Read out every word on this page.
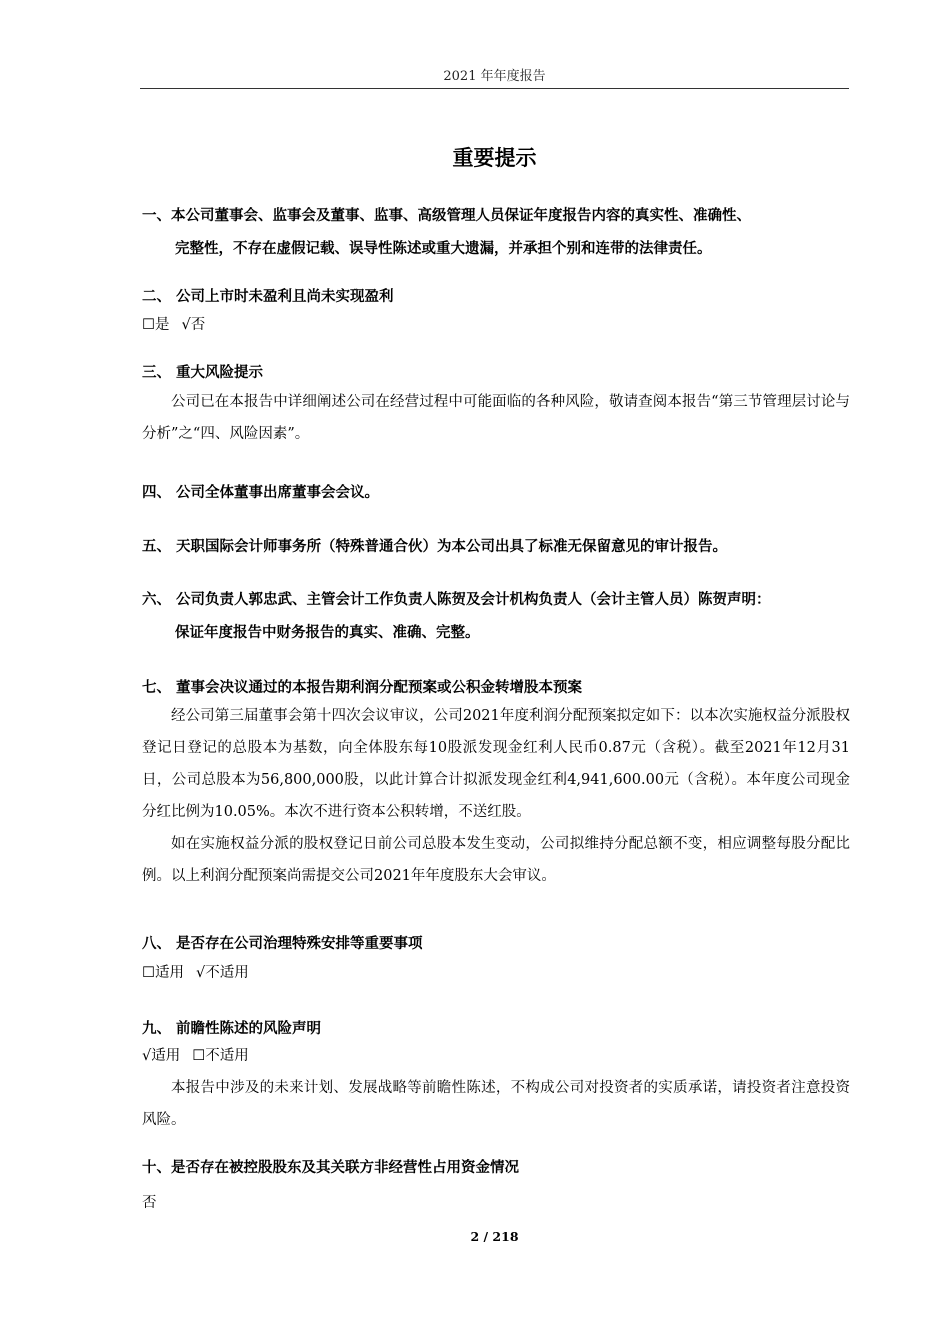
2021 年年度报告
重要提示
一、本公司董事会、监事会及董事、监事、高级管理人员保证年度报告内容的真实性、准确性、
完整性，不存在虚假记载、误导性陈述或重大遗漏，并承担个别和连带的法律责任。
二、 公司上市时未盈利且尚未实现盈利
☐是 √否
三、 重大风险提示

公司已在本报告中详细阐述公司在经营过程中可能面临的各种风险，敬请查阅本报告“第三节管理层讨论与分析”之“四、风险因素”。

四、 公司全体董事出席董事会会议。
五、 天职国际会计师事务所（特殊普通合伙）为本公司出具了标准无保留意见的审计报告。
六、 公司负责人郭忠武、主管会计工作负责人陈贺及会计机构负责人（会计主管人员）陈贺声明：
保证年度报告中财务报告的真实、准确、完整。
七、 董事会决议通过的本报告期利润分配预案或公积金转增股本预案

经公司第三届董事会第十四次会议审议，公司2021年度利润分配预案拟定如下：以本次实施权益分派股权登记日登记的总股本为基数，向全体股东每10股派发现金红利人民币0.87元（含税）。截至2021年12月31日，公司总股本为56,800,000股，以此计算合计拟派发现金红利4,941,600.00元（含税）。本年度公司现金分红比例为10.05%。本次不进行资本公积转增，不送红股。

如在实施权益分派的股权登记日前公司总股本发生变动，公司拟维持分配总额不变，相应调整每股分配比例。以上利润分配预案尚需提交公司2021年年度股东大会审议。

八、 是否存在公司治理特殊安排等重要事项
☐适用 √不适用
九、 前瞻性陈述的风险声明
√适用 ☐不适用

本报告中涉及的未来计划、发展战略等前瞻性陈述，不构成公司对投资者的实质承诺，请投资者注意投资风险。

十、是否存在被控股股东及其关联方非经营性占用资金情况
否
2 / 218
